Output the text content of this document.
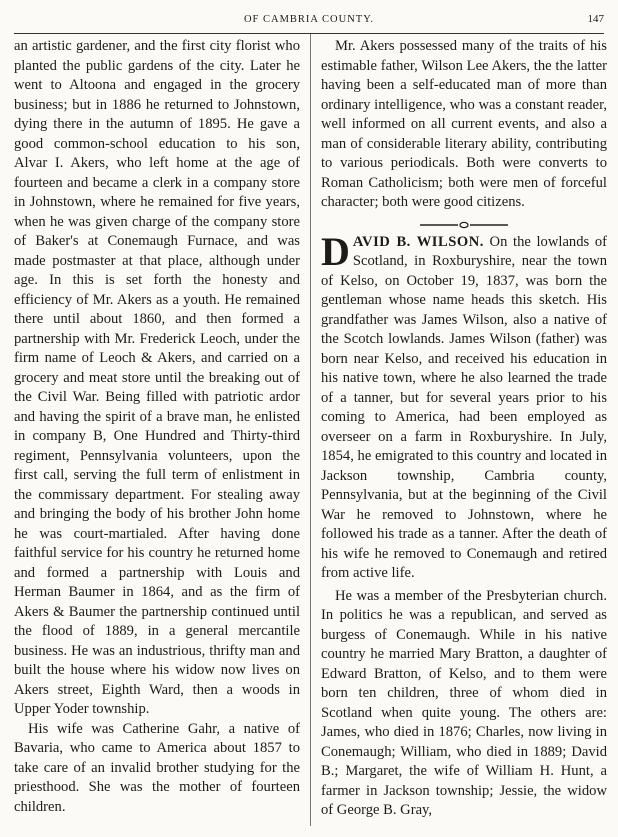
OF CAMBRIA COUNTY.	147

an artistic gardener, and the first city florist who planted the public gardens of the city. Later he went to Altoona and engaged in the grocery business; but in 1886 he returned to Johnstown, dying there in the autumn of 1895. He gave a good common-school education to his son, Alvar I. Akers, who left home at the age of fourteen and became a clerk in a company store in Johnstown, where he remained for five years, when he was given charge of the company store of Baker's at Conemaugh Furnace, and was made postmaster at that place, although under age. In this is set forth the honesty and efficiency of Mr. Akers as a youth. He remained there until about 1860, and then formed a partnership with Mr. Frederick Leoch, under the firm name of Leoch & Akers, and carried on a grocery and meat store until the breaking out of the Civil War. Being filled with patriotic ardor and having the spirit of a brave man, he enlisted in company B, One Hundred and Thirty-third regiment, Pennsylvania volunteers, upon the first call, serving the full term of enlistment in the commissary department. For stealing away and bringing the body of his brother John home he was court-martialed. After having done faithful service for his country he returned home and formed a partnership with Louis and Herman Baumer in 1864, and as the firm of Akers & Baumer the partnership continued until the flood of 1889, in a general mercantile business. He was an industrious, thrifty man and built the house where his widow now lives on Akers street, Eighth Ward, then a woods in Upper Yoder township.

His wife was Catherine Gahr, a native of Bavaria, who came to America about 1857 to take care of an invalid brother studying for the priesthood. She was the mother of fourteen children.

Mr. Akers possessed many of the traits of his estimable father, Wilson Lee Akers, the the latter having been a self-educated man of more than ordinary intelligence, who was a constant reader, well informed on all current events, and also a man of considerable literary ability, contributing to various periodicals. Both were converts to Roman Catholicism; both were men of forceful character; both were good citizens.

DAVID B. WILSON. On the lowlands of Scotland, in Roxburyshire, near the town of Kelso, on October 19, 1837, was born the gentleman whose name heads this sketch. His grandfather was James Wilson, also a native of the Scotch lowlands. James Wilson (father) was born near Kelso, and received his education in his native town, where he also learned the trade of a tanner, but for several years prior to his coming to America, had been employed as overseer on a farm in Roxburyshire. In July, 1854, he emigrated to this country and located in Jackson township, Cambria county, Pennsylvania, but at the beginning of the Civil War he removed to Johnstown, where he followed his trade as a tanner. After the death of his wife he removed to Conemaugh and retired from active life.

He was a member of the Presbyterian church. In politics he was a republican, and served as burgess of Conemaugh. While in his native country he married Mary Bratton, a daughter of Edward Bratton, of Kelso, and to them were born ten children, three of whom died in Scotland when quite young. The others are: James, who died in 1876; Charles, now living in Conemaugh; William, who died in 1889; David B.; Margaret, the wife of William H. Hunt, a farmer in Jackson township; Jessie, the widow of George B. Gray,
